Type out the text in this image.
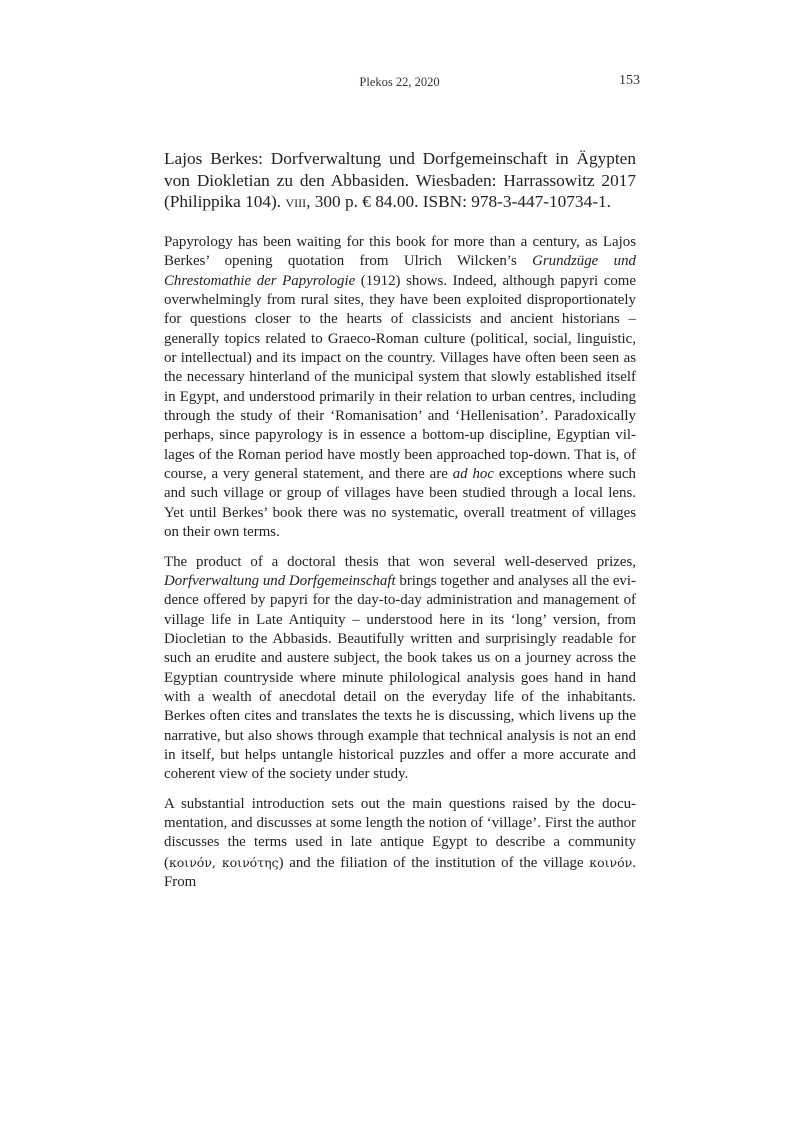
Plekos 22, 2020	153
Lajos Berkes: Dorfverwaltung und Dorfgemeinschaft in Ägypten von Diokletian zu den Abbasiden. Wiesbaden: Harrassowitz 2017 (Philippika 104). viii, 300 p. € 84.00. ISBN: 978-3-447-10734-1.

Papyrology has been waiting for this book for more than a century, as Lajos Berkes’ opening quotation from Ulrich Wilcken’s Grundzüge und Chrestomathie der Papyrologie (1912) shows. Indeed, although papyri come overwhelmingly from rural sites, they have been exploited disproportionately for questions closer to the hearts of classicists and ancient historians – generally topics related to Graeco-Roman culture (political, social, linguistic, or intellectual) and its impact on the country. Villages have often been seen as the necessary hinterland of the municipal system that slowly established itself in Egypt, and understood primarily in their relation to urban centres, including through the study of their ‘Romanisation’ and ‘Hellenisation’. Paradoxically perhaps, since papyrology is in essence a bottom-up discipline, Egyptian villages of the Roman period have mostly been approached top-down. That is, of course, a very general statement, and there are ad hoc exceptions where such and such village or group of villages have been studied through a local lens. Yet until Berkes’ book there was no systematic, overall treatment of villages on their own terms.

The product of a doctoral thesis that won several well-deserved prizes, Dorfverwaltung und Dorfgemeinschaft brings together and analyses all the evidence offered by papyri for the day-to-day administration and management of village life in Late Antiquity – understood here in its ‘long’ version, from Diocletian to the Abbasids. Beautifully written and surprisingly readable for such an erudite and austere subject, the book takes us on a journey across the Egyptian countryside where minute philological analysis goes hand in hand with a wealth of anecdotal detail on the everyday life of the inhabitants. Berkes often cites and translates the texts he is discussing, which livens up the narrative, but also shows through example that technical analysis is not an end in itself, but helps untangle historical puzzles and offer a more accurate and coherent view of the society under study.

A substantial introduction sets out the main questions raised by the documentation, and discusses at some length the notion of ‘village’. First the author discusses the terms used in late antique Egypt to describe a community (κοινόν, κοινότης) and the filiation of the institution of the village κοινόν. From
